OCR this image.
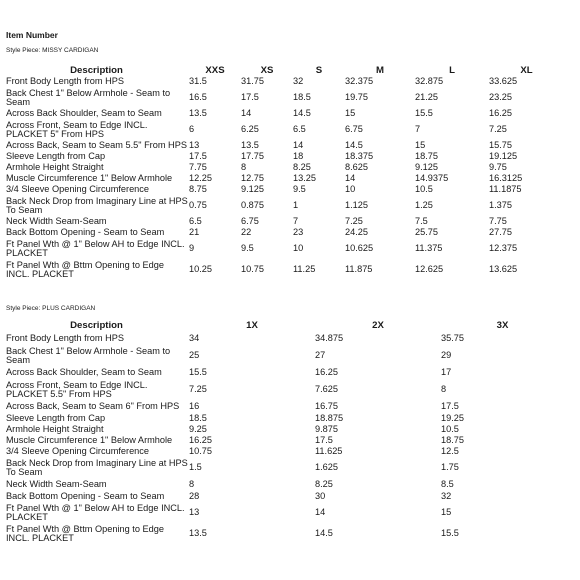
Item Number
Style Piece: MISSY CARDIGAN
Description	XXS	XS	S	M	L	XL
Front Body Length from HPS	31.5	31.75	32	32.375	32.875	33.625
Back Chest 1" Below Armhole - Seam to Seam	16.5	17.5	18.5	19.75	21.25	23.25
Across Back Shoulder, Seam to Seam	13.5	14	14.5	15	15.5	16.25
Across Front, Seam to Edge INCL. PLACKET 5" From HPS	6	6.25	6.5	6.75	7	7.25
Across Back, Seam to Seam 5.5" From HPS	13	13.5	14	14.5	15	15.75
Sleeve Length from Cap	17.5	17.75	18	18.375	18.75	19.125
Armhole Height Straight	7.75	8	8.25	8.625	9.125	9.75
Muscle Circumference 1" Below Armhole	12.25	12.75	13.25	14	14.9375	16.3125
3/4 Sleeve Opening Circumference	8.75	9.125	9.5	10	10.5	11.1875
Back Neck Drop from Imaginary Line at HPS To Seam	0.75	0.875	1	1.125	1.25	1.375
Neck Width Seam-Seam	6.5	6.75	7	7.25	7.5	7.75
Back Bottom Opening - Seam to Seam	21	22	23	24.25	25.75	27.75
Ft Panel Wth @ 1" Below AH to Edge INCL. PLACKET	9	9.5	10	10.625	11.375	12.375
Ft Panel Wth @ Bttm Opening to Edge INCL. PLACKET	10.25	10.75	11.25	11.875	12.625	13.625
Style Piece: PLUS CARDIGAN
Description	1X	2X	3X
Front Body Length from HPS	34	34.875	35.75
Back Chest 1" Below Armhole - Seam to Seam	25	27	29
Across Back Shoulder, Seam to Seam	15.5	16.25	17
Across Front, Seam to Edge INCL. PLACKET 5.5" From HPS	7.25	7.625	8
Across Back, Seam to Seam 6" From HPS	16	16.75	17.5
Sleeve Length from Cap	18.5	18.875	19.25
Armhole Height Straight	9.25	9.875	10.5
Muscle Circumference 1" Below Armhole	16.25	17.5	18.75
3/4 Sleeve Opening Circumference	10.75	11.625	12.5
Back Neck Drop from Imaginary Line at HPS To Seam	1.5	1.625	1.75
Neck Width Seam-Seam	8	8.25	8.5
Back Bottom Opening - Seam to Seam	28	30	32
Ft Panel Wth @ 1" Below AH to Edge INCL. PLACKET	13	14	15
Ft Panel Wth @ Bttm Opening to Edge INCL. PLACKET	13.5	14.5	15.5
